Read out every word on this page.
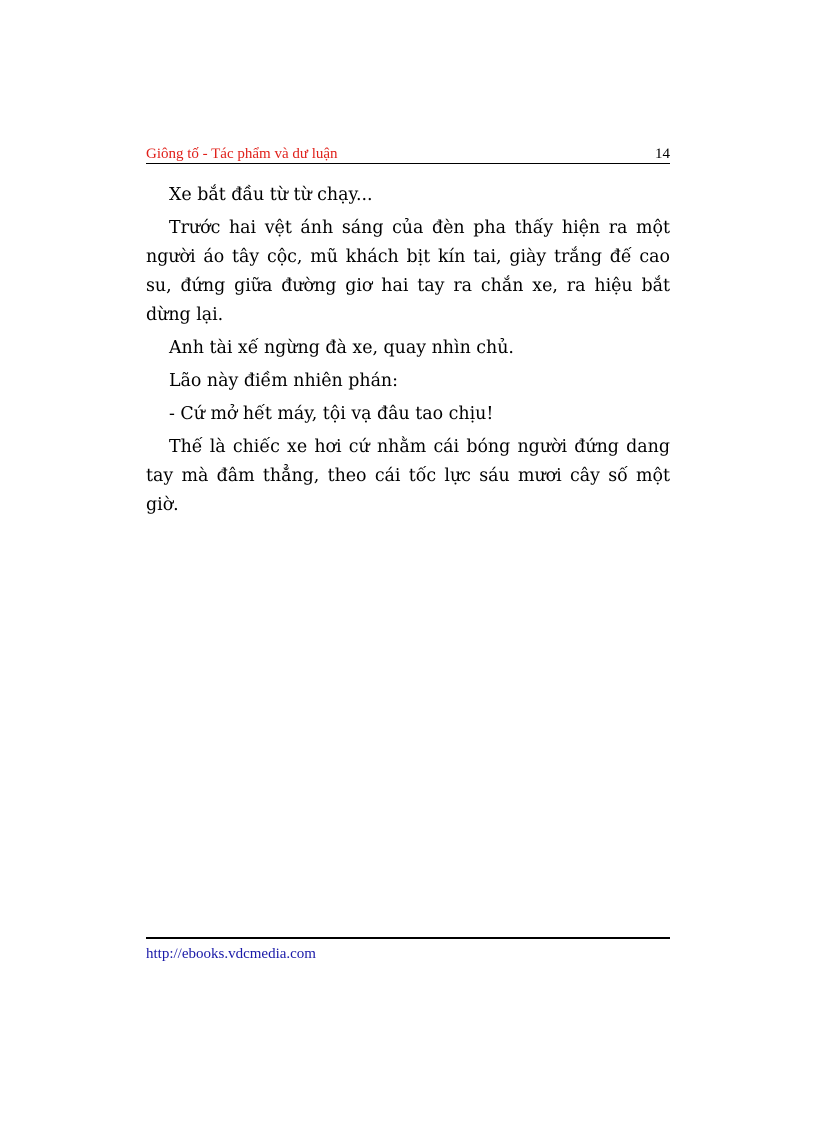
Giông tố - Tác phẩm và dư luận	14

Xe bắt đầu từ từ chạy...

Trước hai vệt ánh sáng của đèn pha thấy hiện ra một người áo tây cộc, mũ khách bịt kín tai, giày trắng đế cao su, đứng giữa đường giơ hai tay ra chắn xe, ra hiệu bắt dừng lại.

Anh tài xế ngừng đà xe, quay nhìn chủ.

Lão này điềm nhiên phán:

- Cứ mở hết máy, tội vạ đâu tao chịu!

Thế là chiếc xe hơi cứ nhằm cái bóng người đứng dang tay mà đâm thẳng, theo cái tốc lực sáu mươi cây số một giờ.

http://ebooks.vdcmedia.com
